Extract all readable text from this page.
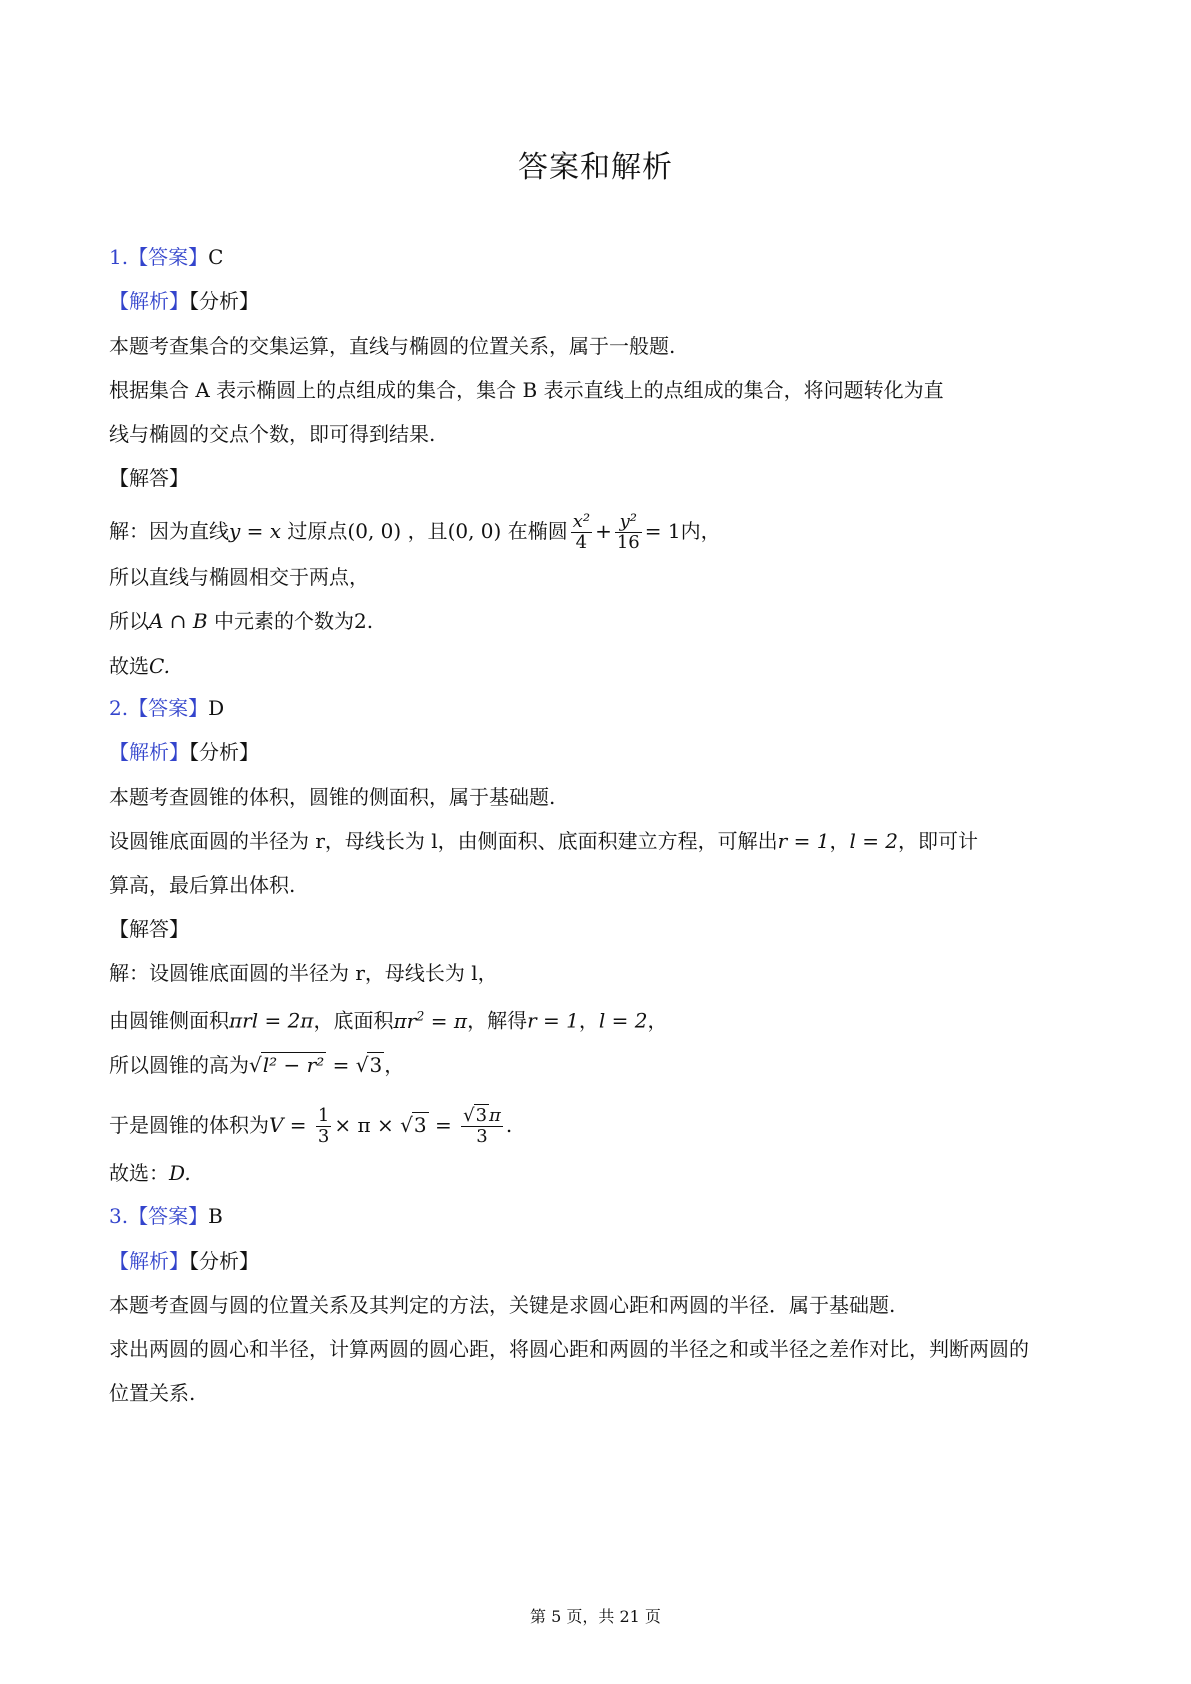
答案和解析
1.【答案】C
【解析】【分析】
本题考查集合的交集运算，直线与椭圆的位置关系，属于一般题.
根据集合 A 表示椭圆上的点组成的集合，集合 B 表示直线上的点组成的集合，将问题转化为直
线与椭圆的交点个数，即可得到结果.
【解答】
解：因为直线y = x 过原点(0, 0) ，且(0, 0) 在椭圆 $\frac{\text{x²}}{4} + \frac{\text{y²}}{16} = 1$内，
所以直线与椭圆相交于两点，
所以A ∩ B 中元素的个数为2.
故选C.
2.【答案】D
【解析】【分析】
本题考查圆锥的体积，圆锥的侧面积，属于基础题.
设圆锥底面圆的半径为 r，母线长为 l，由侧面积、底面积建立方程，可解出r = 1，l = 2，即可计
算高，最后算出体积.
【解答】
解：设圆锥底面圆的半径为 r，母线长为 l，
由圆锥侧面积πrl = 2π，底面积$\pi r^2 = \pi$，解得r = 1，l = 2，
所以圆锥的高为√l² − r² = √3 ，
于是圆锥的体积为$V = \frac{1}{3} \times \pi \times √3 = \frac{√3 \pi}{3}$ .
故选：D.
3.【答案】B
【解析】【分析】
本题考查圆与圆的位置关系及其判定的方法，关键是求圆心距和两圆的半径．属于基础题.
求出两圆的圆心和半径，计算两圆的圆心距，将圆心距和两圆的半径之和或半径之差作对比，判断两圆的
位置关系.
第 5 页，共 21 页
